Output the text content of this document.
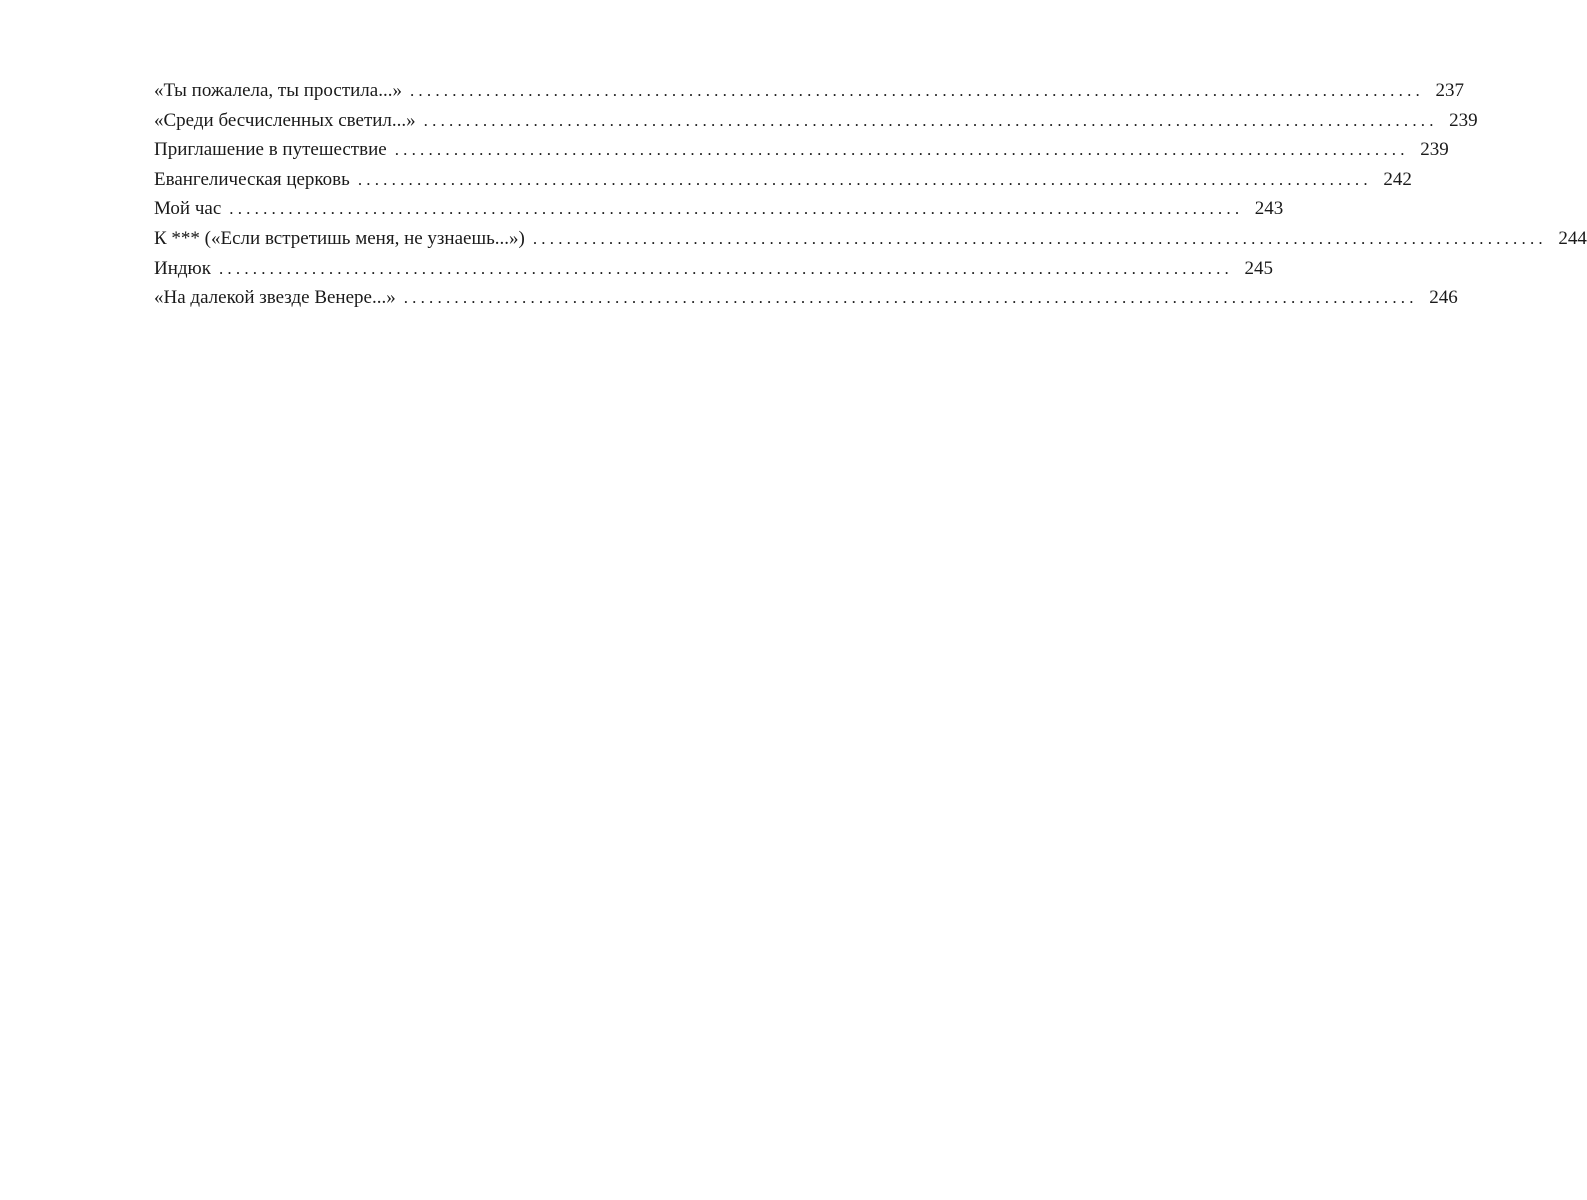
«Ты пожалела, ты простила...» ........................................................................................................................ 237
«Среди бесчисленных светил...» ........................................................................................................................ 239
Приглашение в путешествие ........................................................................................................................ 239
Евангелическая церковь ........................................................................................................................ 242
Мой час ........................................................................................................................ 243
К *** («Если встретишь меня, не узнаешь...») ........................................................................................................................ 244
Индюк ........................................................................................................................ 245
«На далекой звезде Венере...» ........................................................................................................................ 246
